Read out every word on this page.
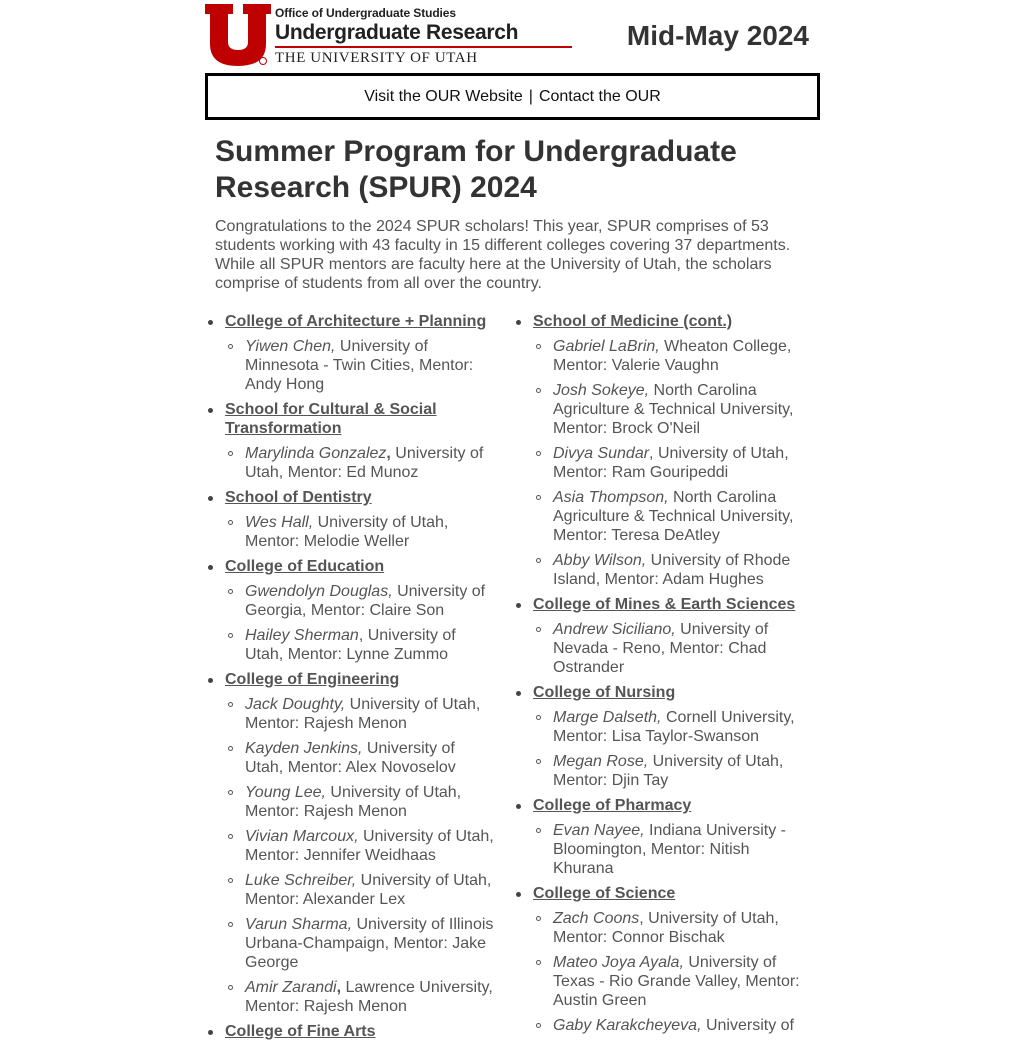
Office of Undergraduate Studies
Undergraduate Research
THE UNIVERSITY OF UTAH
Mid-May 2024
Visit the OUR Website | Contact the OUR
Summer Program for Undergraduate Research (SPUR) 2024

Congratulations to the 2024 SPUR scholars! This year, SPUR comprises of 53 students working with 43 faculty in 15 different colleges covering 37 departments. While all SPUR mentors are faculty here at the University of Utah, the scholars comprise of students from all over the country.

College of Architecture + Planning
Yiwen Chen, University of Minnesota - Twin Cities, Mentor: Andy Hong
School for Cultural & Social Transformation
Marylinda Gonzalez , University of Utah, Mentor: Ed Munoz
School of Dentistry
Wes Hall, University of Utah, Mentor: Melodie Weller
College of Education
Gwendolyn Douglas, University of Georgia, Mentor: Claire Son
Hailey Sherman, University of Utah, Mentor: Lynne Zummo
College of Engineering
Jack Doughty, University of Utah, Mentor: Rajesh Menon
Kayden Jenkins, University of Utah, Mentor: Alex Novoselov
Young Lee, University of Utah, Mentor: Rajesh Menon
Vivian Marcoux, University of Utah, Mentor: Jennifer Weidhaas
Luke Schreiber, University of Utah, Mentor: Alexander Lex
Varun Sharma, University of Illinois Urbana-Champaign, Mentor: Jake George
Amir Zarandi , Lawrence University, Mentor: Rajesh Menon
College of Fine Arts
School of Medicine (cont.)
Gabriel LaBrin, Wheaton College, Mentor: Valerie Vaughn
Josh Sokeye, North Carolina Agriculture & Technical University, Mentor: Brock O'Neil
Divya Sundar, University of Utah, Mentor: Ram Gouripeddi
Asia Thompson, North Carolina Agriculture & Technical University, Mentor: Teresa DeAtley
Abby Wilson, University of Rhode Island, Mentor: Adam Hughes
College of Mines & Earth Sciences
Andrew Siciliano, University of Nevada - Reno, Mentor: Chad Ostrander
College of Nursing
Marge Dalseth, Cornell University, Mentor: Lisa Taylor-Swanson
Megan Rose, University of Utah, Mentor: Djin Tay
College of Pharmacy
Evan Nayee, Indiana University - Bloomington, Mentor: Nitish Khurana
College of Science
Zach Coons, University of Utah, Mentor: Connor Bischak
Mateo Joya Ayala, University of Texas - Rio Grande Valley, Mentor: Austin Green
Gaby Karakcheyeva, University of
